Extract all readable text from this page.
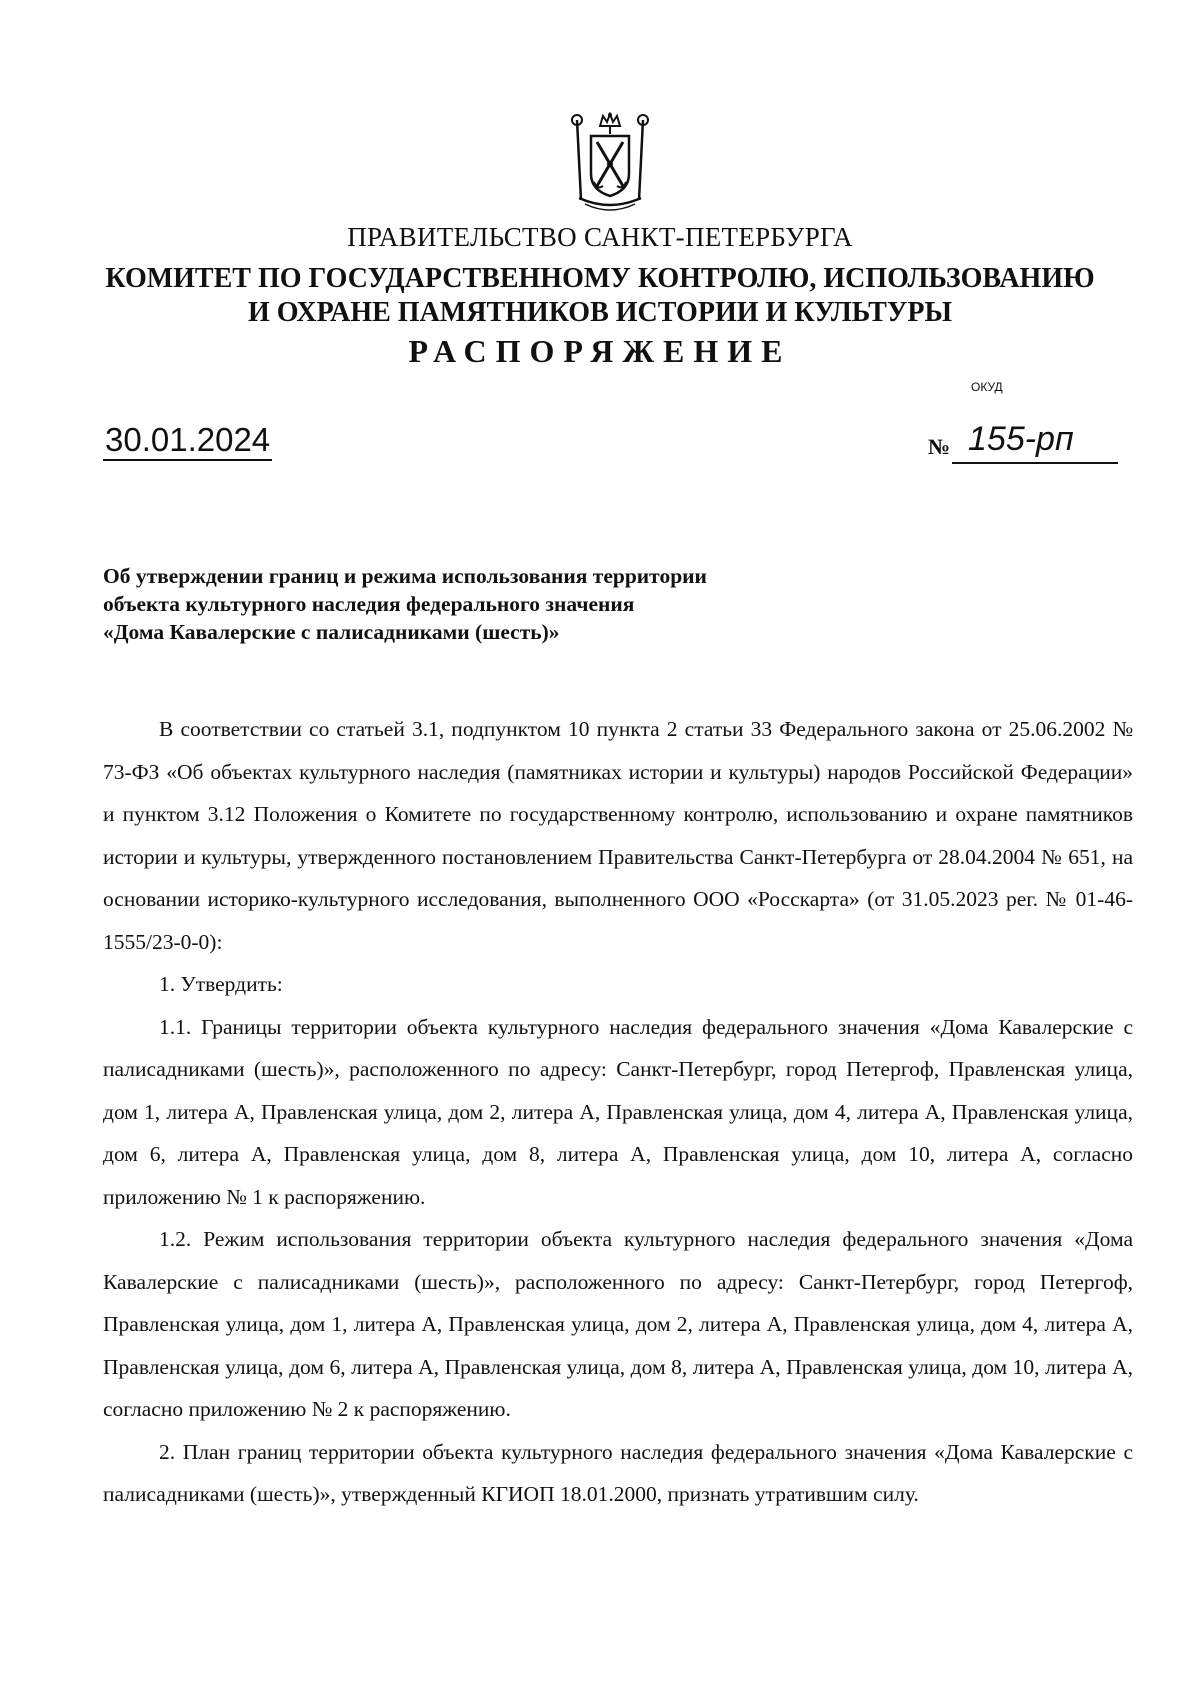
ПРАВИТЕЛЬСТВО САНКТ-ПЕТЕРБУРГА
КОМИТЕТ ПО ГОСУДАРСТВЕННОМУ КОНТРОЛЮ, ИСПОЛЬЗОВАНИЮ
И ОХРАНЕ ПАМЯТНИКОВ ИСТОРИИ И КУЛЬТУРЫ
РАСПОРЯЖЕНИЕ
ОКУД
30.01.2024	№ 155-рп
Об утверждении границ и режима использования территории
объекта культурного наследия федерального значения
«Дома Кавалерские с палисадниками (шесть)»

В соответствии со статьей 3.1, подпунктом 10 пункта 2 статьи 33 Федерального закона от 25.06.2002 № 73-ФЗ «Об объектах культурного наследия (памятниках истории и культуры) народов Российской Федерации» и пунктом 3.12 Положения о Комитете по государственному контролю, использованию и охране памятников истории и культуры, утвержденного постановлением Правительства Санкт-Петербурга от 28.04.2004 № 651, на основании историко-культурного исследования, выполненного ООО «Росскарта» (от 31.05.2023 рег. № 01-46-1555/23-0-0):

1. Утвердить:

1.1. Границы территории объекта культурного наследия федерального значения «Дома Кавалерские с палисадниками (шесть)», расположенного по адресу: Санкт-Петербург, город Петергоф, Правленская улица, дом 1, литера А, Правленская улица, дом 2, литера А, Правленская улица, дом 4, литера А, Правленская улица, дом 6, литера А, Правленская улица, дом 8, литера А, Правленская улица, дом 10, литера А, согласно приложению № 1 к распоряжению.

1.2. Режим использования территории объекта культурного наследия федерального значения «Дома Кавалерские с палисадниками (шесть)», расположенного по адресу: Санкт-Петербург, город Петергоф, Правленская улица, дом 1, литера А, Правленская улица, дом 2, литера А, Правленская улица, дом 4, литера А, Правленская улица, дом 6, литера А, Правленская улица, дом 8, литера А, Правленская улица, дом 10, литера А, согласно приложению № 2 к распоряжению.

2. План границ территории объекта культурного наследия федерального значения «Дома Кавалерские с палисадниками (шесть)», утвержденный КГИОП 18.01.2000, признать утратившим силу.
